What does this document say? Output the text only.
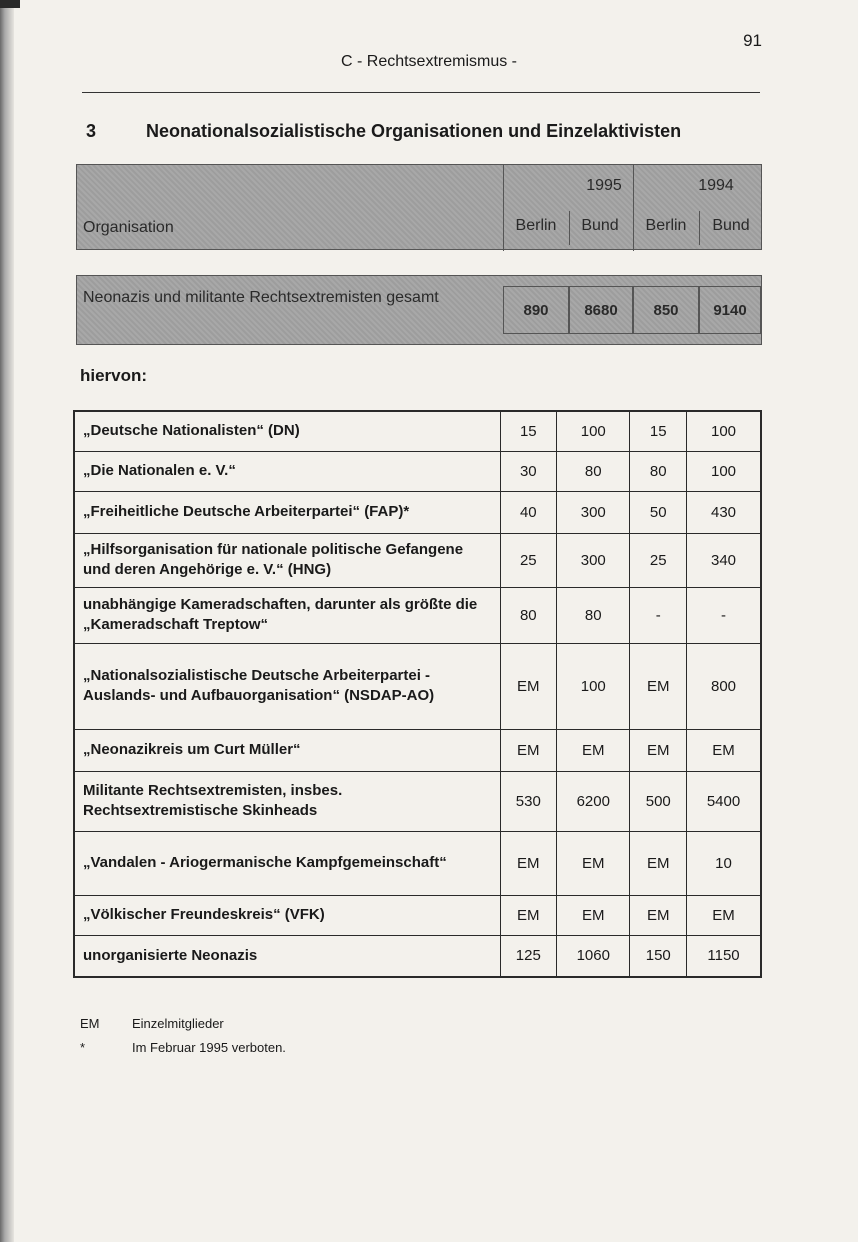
91
C - Rechtsextremismus -
3	Neonationalsozialistische Organisationen und Einzelaktivisten
Organisation
1995	1994
Berlin	Bund	Berlin	Bund
Neonazis und militante Rechtsextremisten gesamt
890	8680	850	9140
hiervon:
„Deutsche Nationalisten“ (DN)	15	100	15	100
„Die Nationalen e. V.“	30	80	80	100
„Freiheitliche Deutsche Arbeiterpartei“ (FAP)*	40	300	50	430
„Hilfsorganisation für nationale politische Gefangene und deren Angehörige e. V.“ (HNG)	25	300	25	340
unabhängige Kameradschaften, darunter als größte die „Kameradschaft Treptow“	80	80	-	-
„Nationalsozialistische Deutsche Arbeiterpartei - Auslands- und Aufbauorganisation“ (NSDAP-AO)	EM	100	EM	800
„Neonazikreis um Curt Müller“	EM	EM	EM	EM
Militante Rechtsextremisten, insbes. Rechtsextremistische Skinheads	530	6200	500	5400
„Vandalen - Ariogermanische Kampfgemeinschaft“	EM	EM	EM	10
„Völkischer Freundeskreis“ (VFK)	EM	EM	EM	EM
unorganisierte Neonazis	125	1060	150	1150
EM	Einzelmitglieder
*	Im Februar 1995 verboten.
